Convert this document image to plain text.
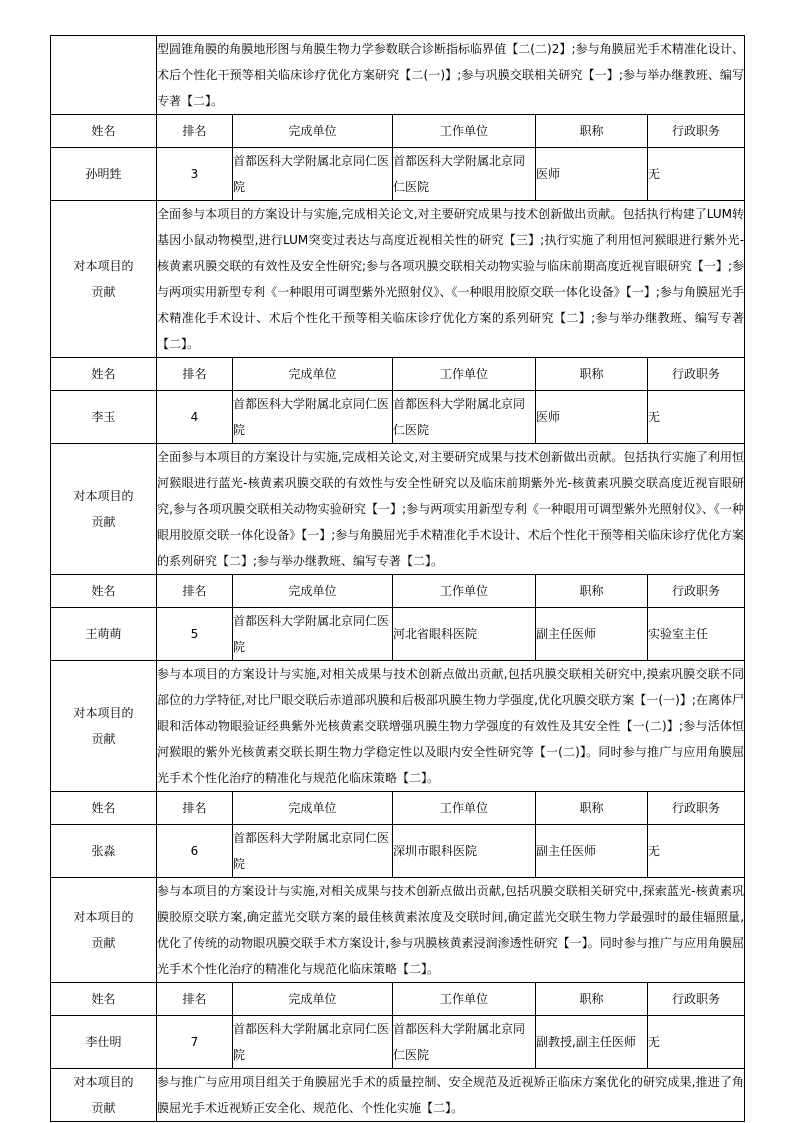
	型圆锥角膜的角膜地形图与角膜生物力学参数联合诊断指标临界值【二(二)2】;参与角膜屈光手术精准化设计、术后个性化干预等相关临床诊疗优化方案研究【二(一)】;参与巩膜交联相关研究【一】;参与举办继教班、编写专著【二】。				
姓名	排名	完成单位	工作单位	职称	行政职务
孙明甡	3	首都医科大学附属北京同仁医院	首都医科大学附属北京同仁医院	医师	无
对本项目的贡献	全面参与本项目的方案设计与实施,完成相关论文,对主要研究成果与技术创新做出贡献。包括执行构建了LUM转基因小鼠动物模型,进行LUM突变过表达与高度近视相关性的研究【三】;执行实施了利用恒河猴眼进行紫外光-核黄素巩膜交联的有效性及安全性研究;参与各项巩膜交联相关动物实验与临床前期高度近视盲眼研究【一】;参与两项实用新型专利《一种眼用可调型紫外光照射仪》、《一种眼用胶原交联一体化设备》【一】;参与角膜屈光手术精准化手术设计、术后个性化干预等相关临床诊疗优化方案的系列研究【二】;参与举办继教班、编写专著【二】。				
姓名	排名	完成单位	工作单位	职称	行政职务
李玉	4	首都医科大学附属北京同仁医院	首都医科大学附属北京同仁医院	医师	无
对本项目的贡献	全面参与本项目的方案设计与实施,完成相关论文,对主要研究成果与技术创新做出贡献。包括执行实施了利用恒河猴眼进行蓝光-核黄素巩膜交联的有效性与安全性研究以及临床前期紫外光-核黄素巩膜交联高度近视盲眼研究,参与各项巩膜交联相关动物实验研究【一】;参与两项实用新型专利《一种眼用可调型紫外光照射仪》、《一种眼用胶原交联一体化设备》【一】;参与角膜屈光手术精准化手术设计、术后个性化干预等相关临床诊疗优化方案的系列研究【二】;参与举办继教班、编写专著【二】。				
姓名	排名	完成单位	工作单位	职称	行政职务
王萌萌	5	首都医科大学附属北京同仁医院	河北省眼科医院	副主任医师	实验室主任
对本项目的贡献	参与本项目的方案设计与实施,对相关成果与技术创新点做出贡献,包括巩膜交联相关研究中,摸索巩膜交联不同部位的力学特征,对比尸眼交联后赤道部巩膜和后极部巩膜生物力学强度,优化巩膜交联方案【一(一)】;在离体尸眼和活体动物眼验证经典紫外光核黄素交联增强巩膜生物力学强度的有效性及其安全性【一(二)】;参与活体恒河猴眼的紫外光核黄素交联长期生物力学稳定性以及眼内安全性研究等【一(二)】。同时参与推广与应用角膜屈光手术个性化治疗的精准化与规范化临床策略【二】。				
姓名	排名	完成单位	工作单位	职称	行政职务
张淼	6	首都医科大学附属北京同仁医院	深圳市眼科医院	副主任医师	无
对本项目的贡献	参与本项目的方案设计与实施,对相关成果与技术创新点做出贡献,包括巩膜交联相关研究中,探索蓝光-核黄素巩膜胶原交联方案,确定蓝光交联方案的最佳核黄素浓度及交联时间,确定蓝光交联生物力学最强时的最佳辐照量,优化了传统的动物眼巩膜交联手术方案设计,参与巩膜核黄素浸润渗透性研究【一】。同时参与推广与应用角膜屈光手术个性化治疗的精准化与规范化临床策略【二】。				
姓名	排名	完成单位	工作单位	职称	行政职务
李仕明	7	首都医科大学附属北京同仁医院	首都医科大学附属北京同仁医院	副教授,副主任医师	无
对本项目的贡献	参与推广与应用项目组关于角膜屈光手术的质量控制、安全规范及近视矫正临床方案优化的研究成果,推进了角膜屈光手术近视矫正安全化、规范化、个性化实施【二】。				
